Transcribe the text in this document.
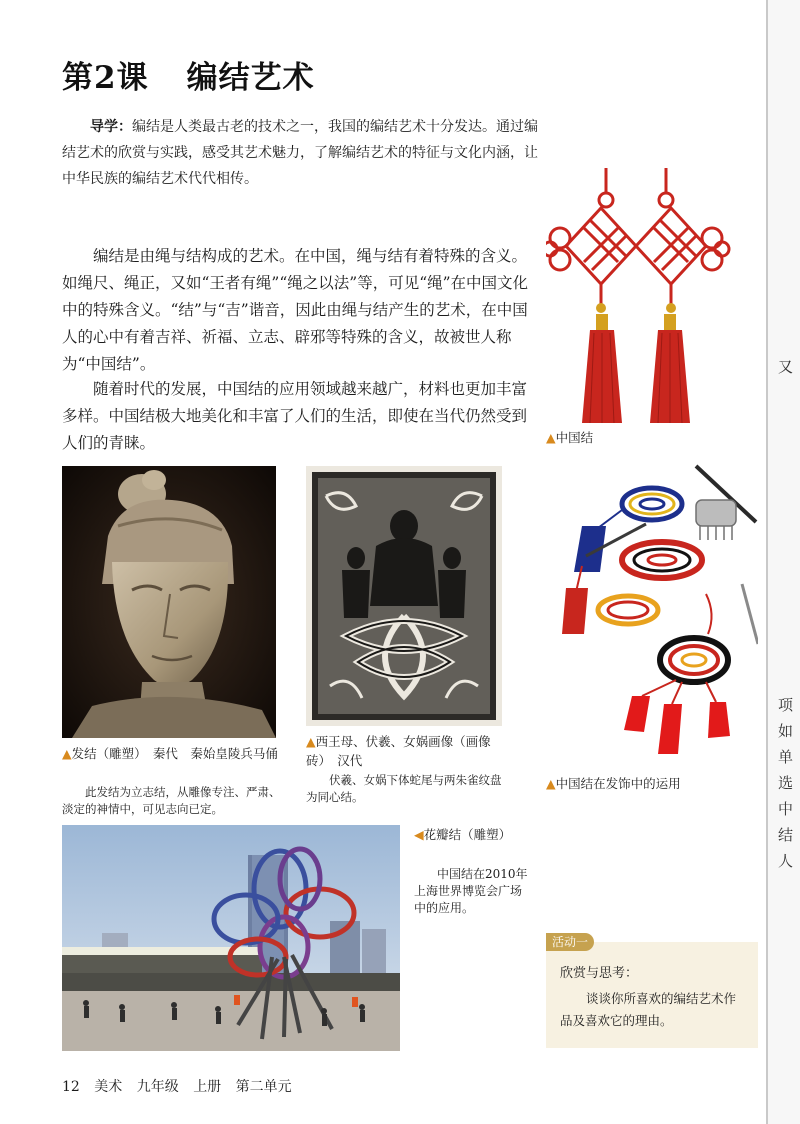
第2课 编结艺术
导学：编结是人类最古老的技术之一，我国的编结艺术十分发达。通过编结艺术的欣赏与实践，感受其艺术魅力，了解编结艺术的特征与文化内涵，让中华民族的编结艺术代代相传。

编结是由绳与结构成的艺术。在中国，绳与结有着特殊的含义。如绳尺、绳正，又如“王者有绳”“绳之以法”等，可见“绳”在中国文化中的特殊含义。“结”与“吉”谐音，因此由绳与结产生的艺术，在中国人的心中有着吉祥、祈福、立志、辟邪等特殊的含义，故被世人称为“中国结”。

随着时代的发展，中国结的应用领域越来越广，材料也更加丰富多样。中国结极大地美化和丰富了人们的生活，即使在当代仍然受到人们的青睐。	▲中国结
▲发结（雕塑）　秦代　秦始皇陵兵马俑
此发结为立志结，从雕像专注、严肃、淡定的神情中，可见志向已定。
▲西王母、伏羲、女娲画像（画像砖）　汉代
伏羲、女娲下体蛇尾与两朱雀纹盘为同心结。
▲中国结在发饰中的运用
◀花瓣结（雕塑）
中国结在2010年上海世界博览会广场中的应用。
欣赏与思考：
谈谈你所喜欢的编结艺术作品及喜欢它的理由。
活动一
12 美术 九年级 上册 第二单元
又
项
如
单
选
中
结
人
